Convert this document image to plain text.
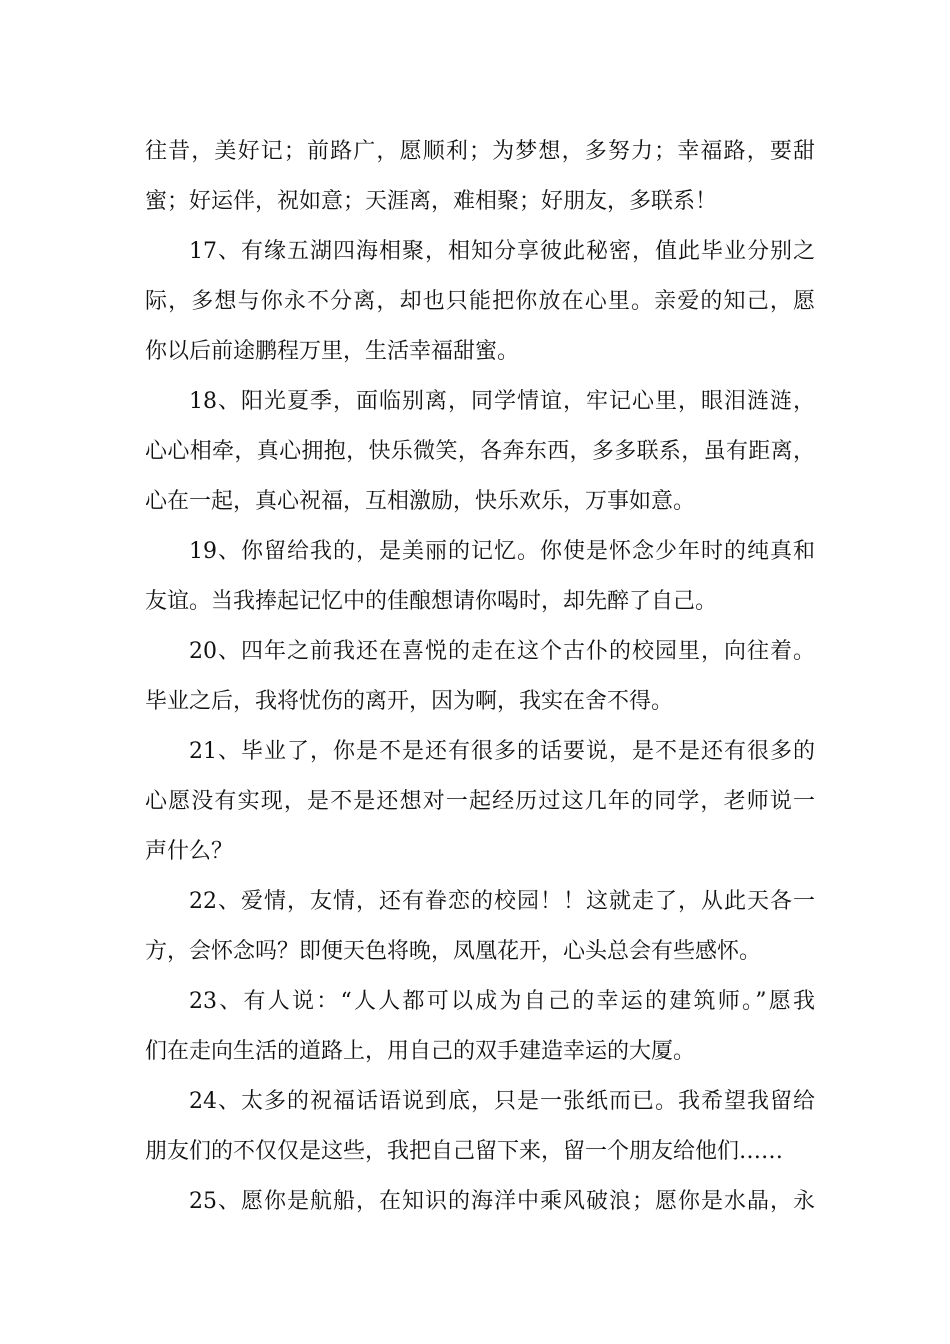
往昔，美好记；前路广，愿顺利；为梦想，多努力；幸福路，要甜
蜜；好运伴，祝如意；天涯离，难相聚；好朋友，多联系！
17、有缘五湖四海相聚，相知分享彼此秘密，值此毕业分别之
际，多想与你永不分离，却也只能把你放在心里。亲爱的知己，愿
你以后前途鹏程万里，生活幸福甜蜜。
18、阳光夏季，面临别离，同学情谊，牢记心里，眼泪涟涟，
心心相牵，真心拥抱，快乐微笑，各奔东西，多多联系，虽有距离，
心在一起，真心祝福，互相激励，快乐欢乐，万事如意。
19、你留给我的，是美丽的记忆。你使是怀念少年时的纯真和
友谊。当我捧起记忆中的佳酿想请你喝时，却先醉了自己。
20、四年之前我还在喜悦的走在这个古仆的校园里，向往着。
毕业之后，我将忧伤的离开，因为啊，我实在舍不得。
21、毕业了，你是不是还有很多的话要说，是不是还有很多的
心愿没有实现，是不是还想对一起经历过这几年的同学，老师说一
声什么？
22、爱情，友情，还有眷恋的校园！！这就走了，从此天各一
方，会怀念吗？即便天色将晚，凤凰花开，心头总会有些感怀。
23、有人说：“人人都可以成为自己的幸运的建筑师。”愿我
们在走向生活的道路上，用自己的双手建造幸运的大厦。
24、太多的祝福话语说到底，只是一张纸而已。我希望我留给
朋友们的不仅仅是这些，我把自己留下来，留一个朋友给他们……
25、愿你是航船，在知识的海洋中乘风破浪；愿你是水晶，永
